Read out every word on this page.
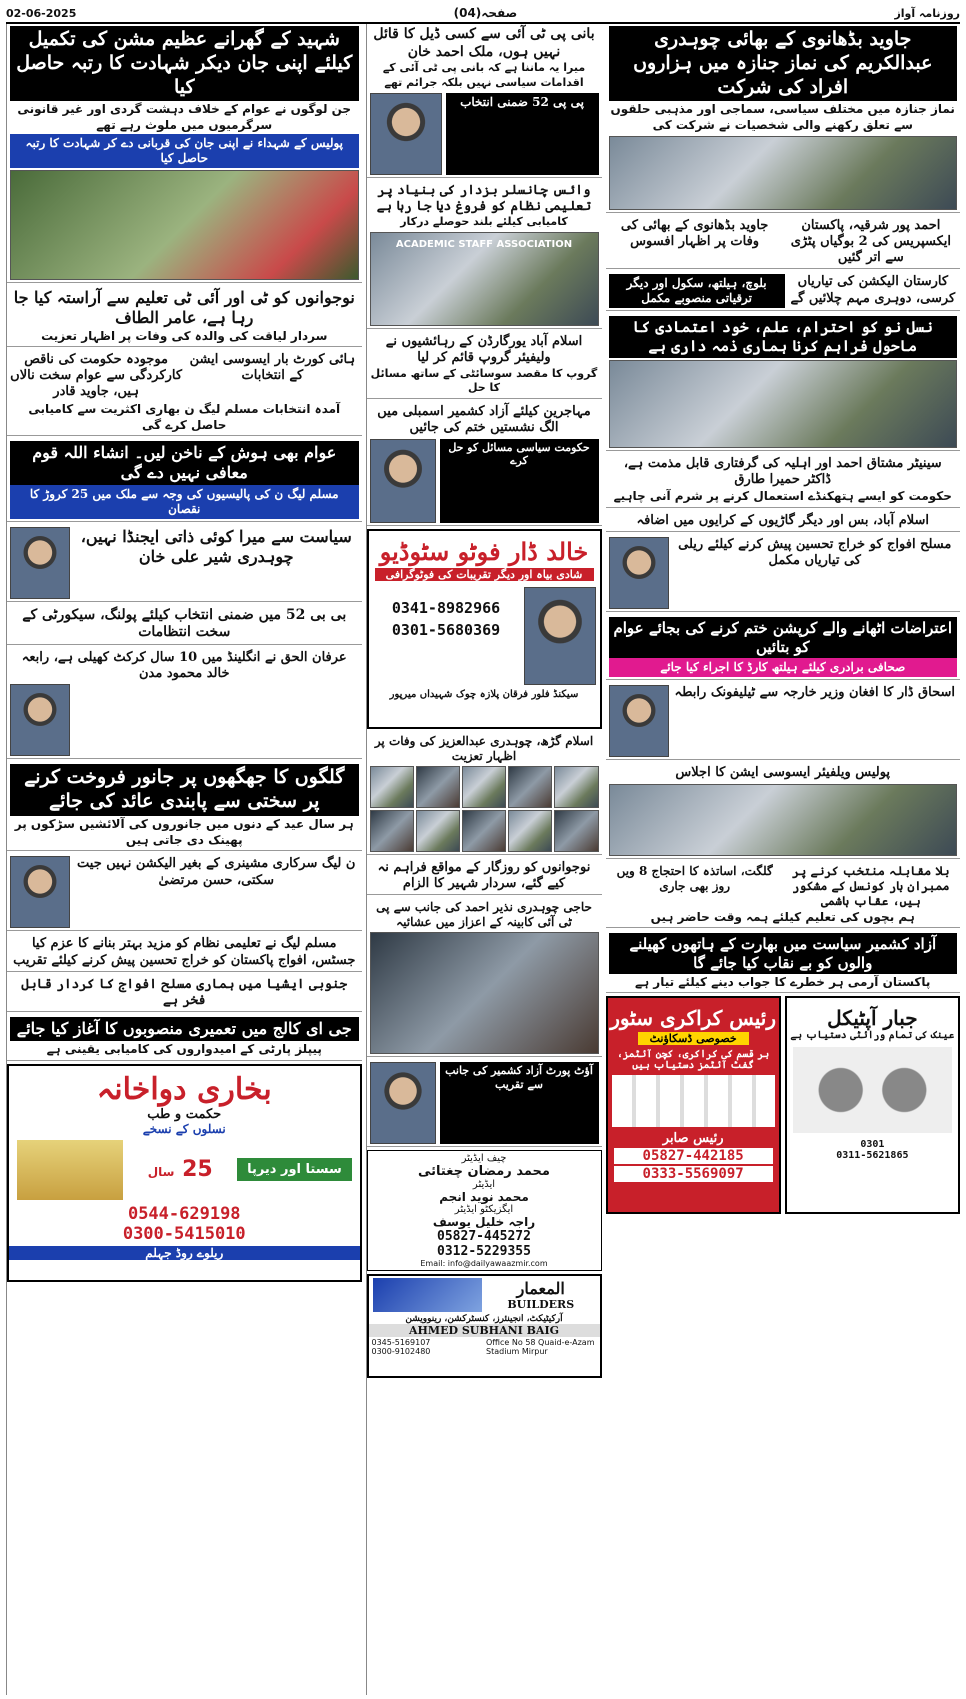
02-06-2025	صفحہ(04)	روزنامہ آواز
شہید کے گھرانے عظیم مشن کی تکمیل کیلئے اپنی جان دیکر شہادت کا رتبہ حاصل کیا
جن لوگوں نے عوام کے خلاف دہشت گردی اور غیر قانونی سرگرمیوں میں ملوث رہے تھے
پولیس کے شہداء نے اپنی جان کی قربانی دے کر شہادت کا رتبہ حاصل کیا
نوجوانوں کو ٹی اور آئی ٹی تعلیم سے آراستہ کیا جا رہا ہے، عامر الطاف
سردار لیاقت کی والدہ کی وفات پر اظہار تعزیت
ہائی کورٹ بار ایسوسی ایشن کے انتخابات
موجودہ حکومت کی ناقص کارکردگی سے عوام سخت نالاں ہیں، جاوید قادر
آمدہ انتخابات مسلم لیگ ن بھاری اکثریت سے کامیابی حاصل کرے گی
عوام بھی ہوش کے ناخن لیں۔ انشاء اللہ قوم معافی نہیں دے گی
مسلم لیگ ن کی پالیسیوں کی وجہ سے ملک میں 25 کروڑ کا نقصان
سیاست سے میرا کوئی ذاتی ایجنڈا نہیں، چوہدری شیر علی خان
بی بی 52 میں ضمنی انتخاب کیلئے پولنگ، سیکورٹی کے سخت انتظامات
عرفان الحق نے انگلینڈ میں 10 سال کرکٹ کھیلی ہے، رابعہ خالد محمود مدن
گلگوں کا جھگھوں پر جانور فروخت کرنے پر سختی سے پابندی عائد کی جائے
ہر سال عید کے دنوں میں جانوروں کی آلائشیں سڑکوں پر پھینک دی جاتی ہیں
ن لیگ سرکاری مشینری کے بغیر الیکشن نہیں جیت سکتی، حسن مرتضیٰ
مسلم لیگ نے تعلیمی نظام کو مزید بہتر بنانے کا عزم کیا
جسٹس، افواج پاکستان کو خراج تحسین پیش کرنے کیلئے تقریب
جنوبی ایشیا میں ہماری مسلح افواج کا کردار قابل فخر ہے
جی ای کالج میں تعمیری منصوبوں کا آغاز کیا جائے
پیپلز پارٹی کے امیدواروں کی کامیابی یقینی ہے
بخاری دواخانہ
حکمت و طب
نسلوں کے نسخے
سستا اور دیرپا
25 سال
0544-629198
0300-5415010
ریلوے روڈ جہلم
بانی پی ٹی آئی سے کسی ڈیل کا قائل نہیں ہوں، ملک احمد خان
میرا یہ ماننا ہے کہ بانی پی ٹی آئی کے اقدامات سیاسی نہیں بلکہ جرائم تھے
پی پی 52 ضمنی انتخاب
وائس چانسلر بزدار کی بنیاد پر تعلیمی نظام کو فروغ دیا جا رہا ہے
کامیابی کیلئے بلند حوصلے درکار
ACADEMIC STAFF ASSOCIATION
اسلام آباد یورگارڈن کے رہائشیوں نے ولیفیئر گروپ قائم کر لیا
گروپ کا مقصد سوسائٹی کے ساتھ مسائل کا حل
مہاجرین کیلئے آزاد کشمیر اسمبلی میں الگ نشستیں ختم کی جائیں
حکومت سیاسی مسائل کو حل کرے
خالد ڈار فوٹو سٹوڈیو
شادی بیاہ اور دیگر تقریبات کی فوٹوگرافی
0341-8982966
0301-5680369
سیکنڈ فلور فرقان پلازہ چوک شہیداں میرپور
اسلام گڑھ، چوہدری عبدالعزیز کی وفات پر اظہار تعزیت
نوجوانوں کو روزگار کے مواقع فراہم نہ کیے گئے، سردار شہیر کا الزام
حاجی چوہدری نذیر احمد کی جانب سے پی ٹی آئی کابینہ کے اعزاز میں عشائیہ
آؤٹ پورٹ آزاد کشمیر کی جانب سے تقریب
چیف ایڈیٹر
محمد رمضان چغتائی
ایڈیٹر
محمد نوید انجم
ایگزیکٹو ایڈیٹر
راجہ خلیل یوسف
05827-445272
0312-5229355
Email: info@dailyawaazmir.com
المعمار
BUILDERS
آرکیٹیکٹ، انجینئرز، کنسٹرکشن، رینوویشن
AHMED SUBHANI BAIG
0345-5169107
0300-9102480
Office No 58 Quaid-e-Azam Stadium Mirpur
جاوید بڈھانوی کے بھائی چوہدری عبدالکریم کی نماز جنازہ میں ہزاروں افراد کی شرکت
نماز جنازہ میں مختلف سیاسی، سماجی اور مذہبی حلقوں سے تعلق رکھنے والی شخصیات نے شرکت کی
احمد پور شرقیہ، پاکستان ایکسپریس کی 2 بوگیاں پٹڑی سے اتر گئیں
جاوید بڈھانوی کے بھائی کی وفات پر اظہار افسوس
کارستان الیکشن کی تیاریاں کرسی، دوہری مہم چلائیں گے
بلوچ، ہیلتھ، سکول اور دیگر ترقیاتی منصوبے مکمل
نسل نو کو احترام، علم، خود اعتمادی کا ماحول فراہم کرنا ہماری ذمہ داری ہے
سینیٹر مشتاق احمد اور اہلیہ کی گرفتاری قابل مذمت ہے، ڈاکٹر حمیرا طارق
حکومت کو ایسے ہتھکنڈے استعمال کرنے پر شرم آنی چاہیے
اسلام آباد، بس اور دیگر گاڑیوں کے کرایوں میں اضافہ
مسلح افواج کو خراج تحسین پیش کرنے کیلئے ریلی کی تیاریاں مکمل
اعتراضات اٹھانے والے کرپشن ختم کرنے کی بجائے عوام کو بتائیں
صحافی برادری کیلئے ہیلتھ کارڈ کا اجراء کیا جائے
اسحاق ڈار کا افغان وزیر خارجہ سے ٹیلیفونک رابطہ
پولیس ویلفیئر ایسوسی ایشن کا اجلاس
بلا مقابلہ منتخب کرنے پر ممبران بار کونسل کے مشکور ہیں، عقاب ہاشمی
گلگت، اساتذہ کا احتجاج 8 ویں روز بھی جاری
ہم بچوں کی تعلیم کیلئے ہمہ وقت حاضر ہیں
آزاد کشمیر سیاست میں بھارت کے ہاتھوں کھیلنے والوں کو بے نقاب کیا جائے گا
پاکستان آرمی ہر خطرے کا جواب دینے کیلئے تیار ہے
جبار آپٹیکل
عینک کی تمام ورائٹی دستیاب ہے
0301
0311-5621865
رئیس کراکری سٹور
خصوصی ڈسکاؤنٹ
ہر قسم کی کراکری، کچن آئٹمز، گفٹ آئٹمز دستیاب ہیں
رئیس صابر
05827-442185
0333-5569097
